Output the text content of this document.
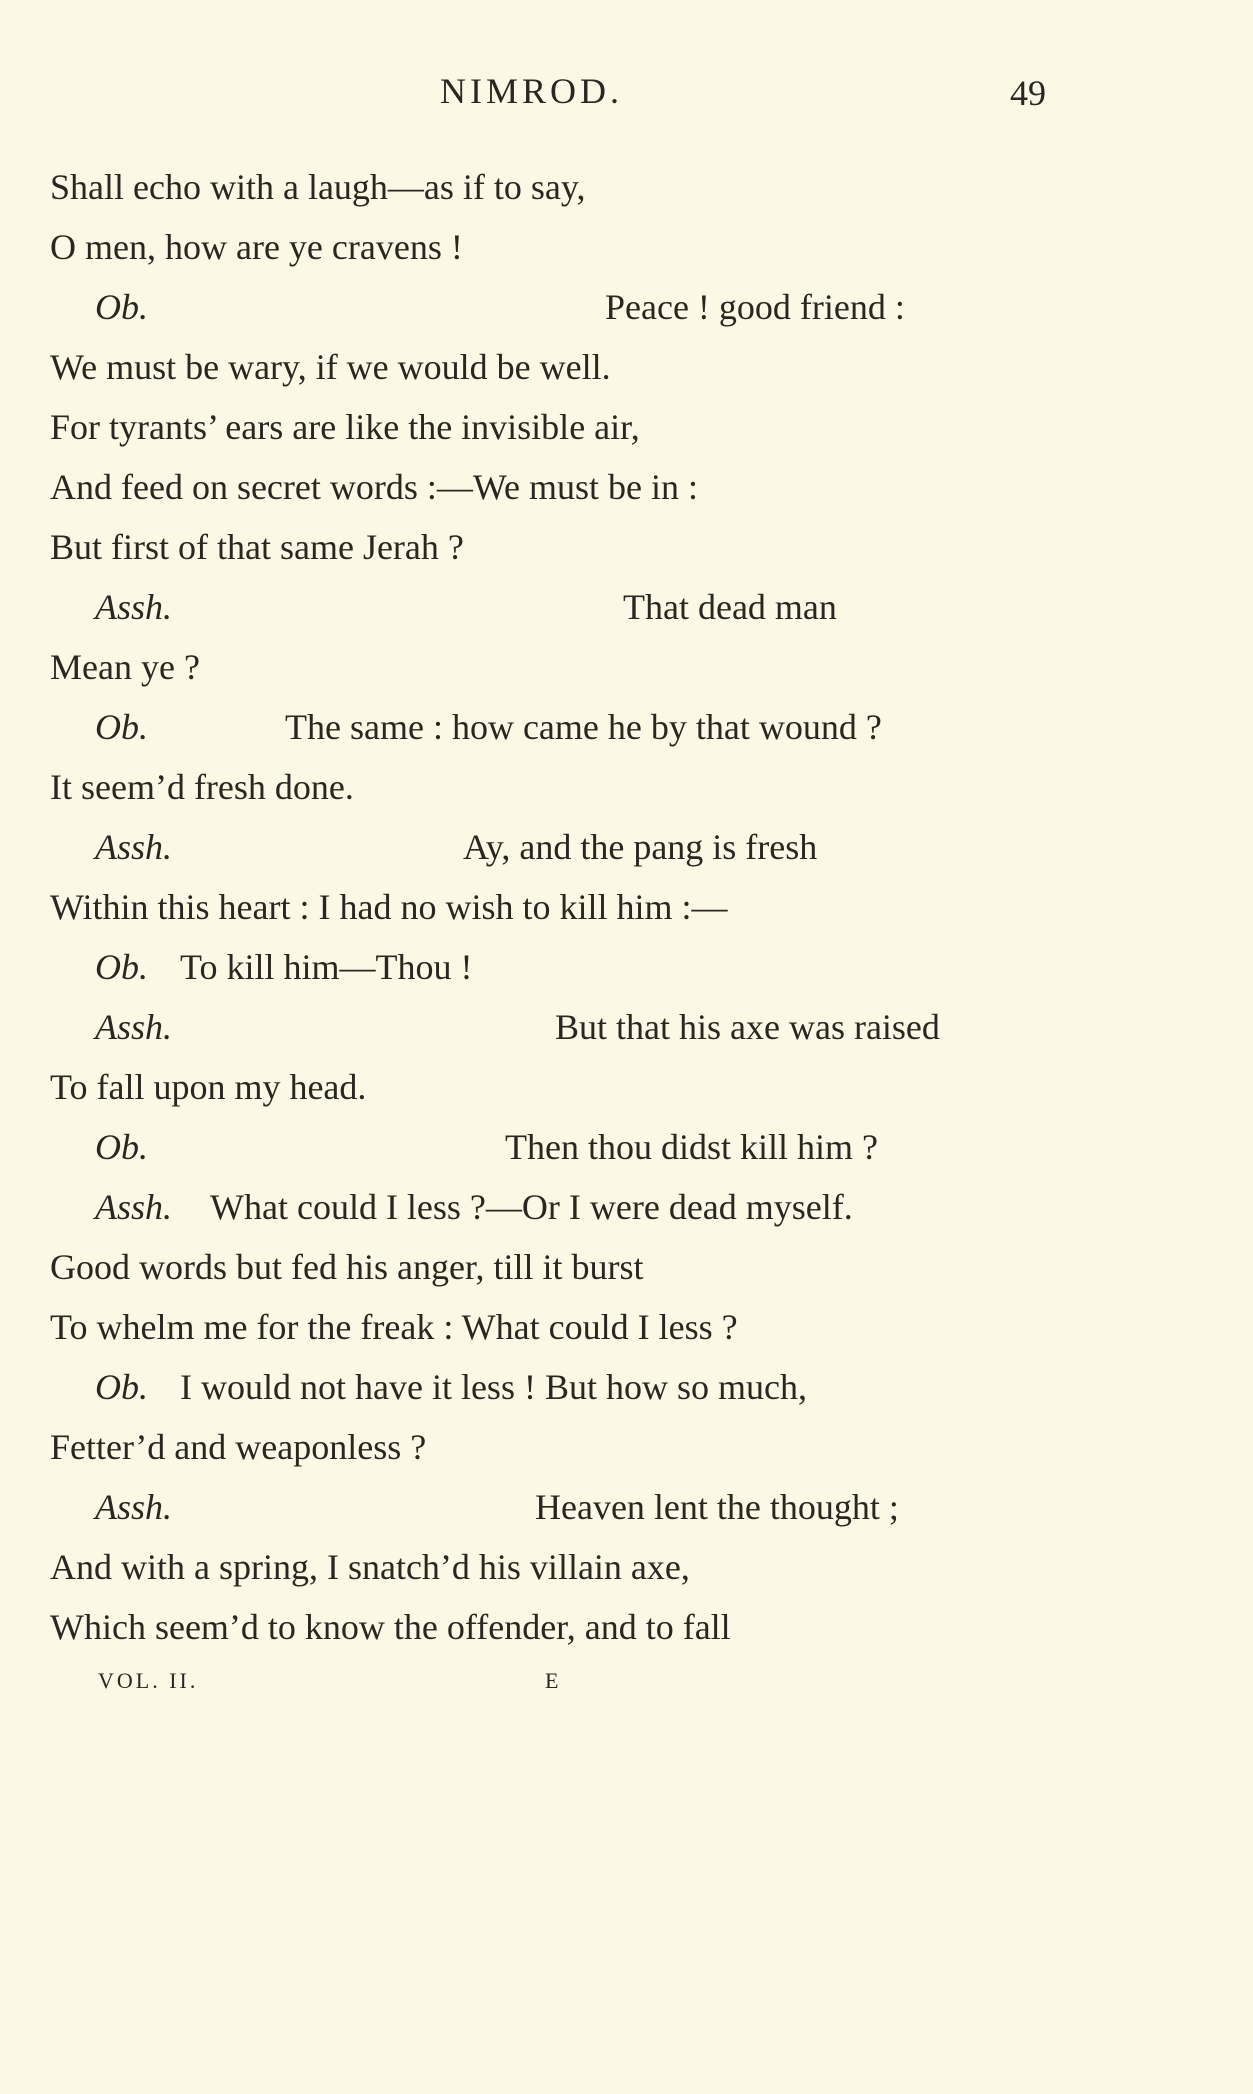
NIMROD.	49
Shall echo with a laugh—as if to say,
O men, how are ye cravens !
Ob.	Peace ! good friend :
We must be wary, if we would be well.
For tyrants’ ears are like the invisible air,
And feed on secret words :—We must be in :
But first of that same Jerah ?
Assh.	That dead man
Mean ye ?
Ob.	The same : how came he by that wound ?
It seem’d fresh done.
Assh.	Ay, and the pang is fresh
Within this heart : I had no wish to kill him :—
Ob. To kill him—Thou !
Assh.	But that his axe was raised
To fall upon my head.
Ob.	Then thou didst kill him ?
Assh. What could I less ?—Or I were dead myself.
Good words but fed his anger, till it burst
To whelm me for the freak : What could I less ?
Ob. I would not have it less ! But how so much,
Fetter’d and weaponless ?
Assh.	Heaven lent the thought ;
And with a spring, I snatch’d his villain axe,
Which seem’d to know the offender, and to fall
VOL. II.	E
